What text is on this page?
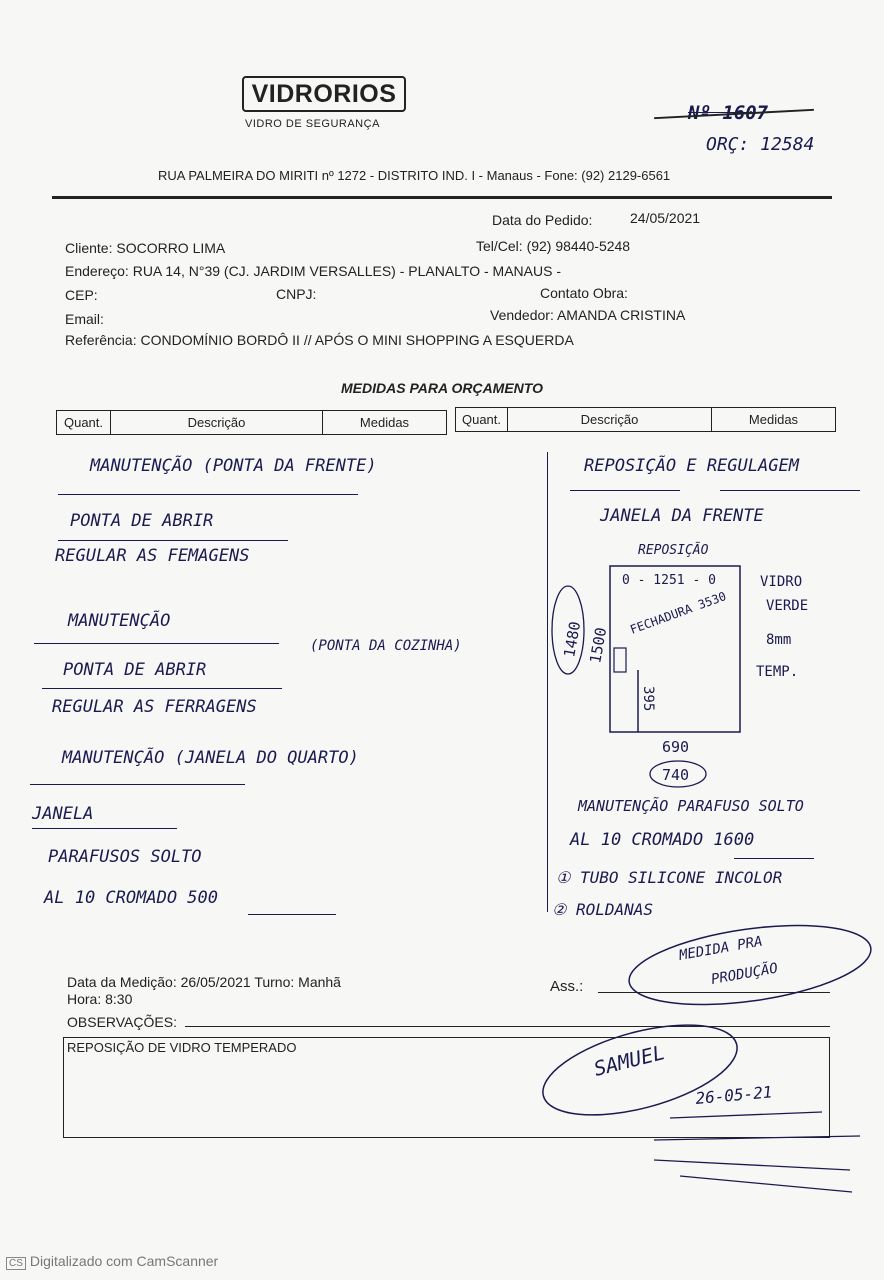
VIDRORIOS
VIDRO DE SEGURANÇA	Nº 1607
ORÇ: 12584
RUA PALMEIRA DO MIRITI nº 1272 - DISTRITO IND. I - Manaus - Fone: (92) 2129-6561
Data do Pedido:	24/05/2021
Cliente: SOCORRO LIMA	Tel/Cel: (92) 98440-5248
Endereço: RUA 14, N°39 (CJ. JARDIM VERSALLES) - PLANALTO - MANAUS -
CEP:	CNPJ:	Contato Obra:
Email:	Vendedor: AMANDA CRISTINA
Referência: CONDOMÍNIO BORDÔ II // APÓS O MINI SHOPPING A ESQUERDA
MEDIDAS PARA ORÇAMENTO
Quant.	Descrição	Medidas	Quant.	Descrição	Medidas
MANUTENÇÃO (PONTA DA FRENTE)
PONTA DE ABRIR
REGULAR AS FEMAGENS
MANUTENÇÃO
(PONTA DA COZINHA)
PONTA DE ABRIR
REGULAR AS FERRAGENS
MANUTENÇÃO (JANELA DO QUARTO)
JANELA
PARAFUSOS SOLTO
AL 10 CROMADO 500
REPOSIÇÃO E REGULAGEM
JANELA DA FRENTE
REPOSIÇÃO
0 - 1251 - 0
FECHADURA 3530
1480 1500
395
690
740
VIDRO
VERDE
8mm
TEMP.
MANUTENÇÃO PARAFUSO SOLTO
AL 10 CROMADO 1600
① TUBO SILICONE INCOLOR
② ROLDANAS
Data da Medição: 26/05/2021 Turno: Manhã
Hora: 8:30
Ass.:
MEDIDA PRA
PRODUÇÃO
OBSERVAÇÕES:
REPOSIÇÃO DE VIDRO TEMPERADO	SAMUEL
26-05-21
CS Digitalizado com CamScanner
